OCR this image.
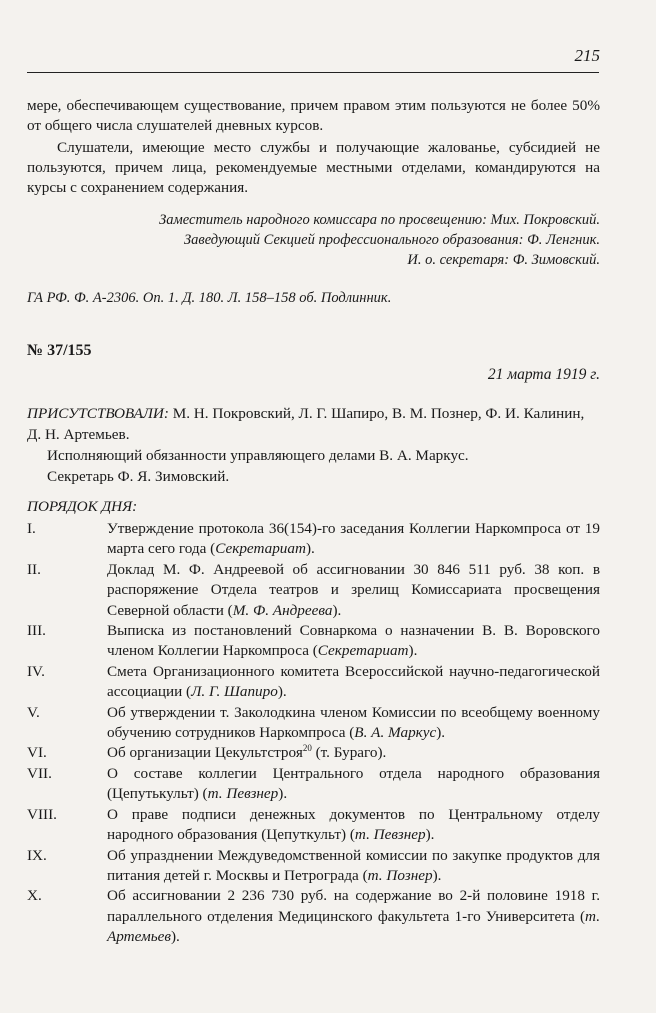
215
мере, обеспечивающем существование, причем правом этим пользуются не более 50% от общего числа слушателей дневных курсов.
Слушатели, имеющие место службы и получающие жалованье, субсидией не пользуются, причем лица, рекомендуемые местными отделами, командируются на курсы с сохранением содержания.
Заместитель народного комиссара по просвещению: Мих. Покровский.
Заведующий Секцией профессионального образования: Ф. Ленгник.
И. о. секретаря: Ф. Зимовский.
ГА РФ. Ф. А-2306. Оп. 1. Д. 180. Л. 158–158 об. Подлинник.
№ 37/155
21 марта 1919 г.
ПРИСУТСТВОВАЛИ: М. Н. Покровский, Л. Г. Шапиро, В. М. Познер, Ф. И. Калинин, Д. Н. Артемьев.
Исполняющий обязанности управляющего делами В. А. Маркус.
Секретарь Ф. Я. Зимовский.
ПОРЯДОК ДНЯ:
I.	Утверждение протокола 36(154)-го заседания Коллегии Наркомпроса от 19 марта сего года (Секретариат).
II.	Доклад М. Ф. Андреевой об ассигновании 30 846 511 руб. 38 коп. в распоряжение Отдела театров и зрелищ Комиссариата просвещения Северной области (М. Ф. Андреева).
III.	Выписка из постановлений Совнаркома о назначении В. В. Воровского членом Коллегии Наркомпроса (Секретариат).
IV.	Смета Организационного комитета Всероссийской научно-педагогической ассоциации (Л. Г. Шапиро).
V.	Об утверждении т. Заколодкина членом Комиссии по всеобщему военному обучению сотрудников Наркомпроса (В. А. Маркус).
VI.	Об организации Цекультстроя$^{20}$ (т. Бураго).
VII.	О составе коллегии Центрального отдела народного образования (Цепутькульт) (т. Певзнер).
VIII.	О праве подписи денежных документов по Центральному отделу народного образования (Цепуткульт) (т. Певзнер).
IX.	Об упразднении Междуведомственной комиссии по закупке продуктов для питания детей г. Москвы и Петрограда (т. Познер).
X.	Об ассигновании 2 236 730 руб. на содержание во 2-й половине 1918 г. параллельного отделения Медицинского факультета 1-го Университета (т. Артемьев).
